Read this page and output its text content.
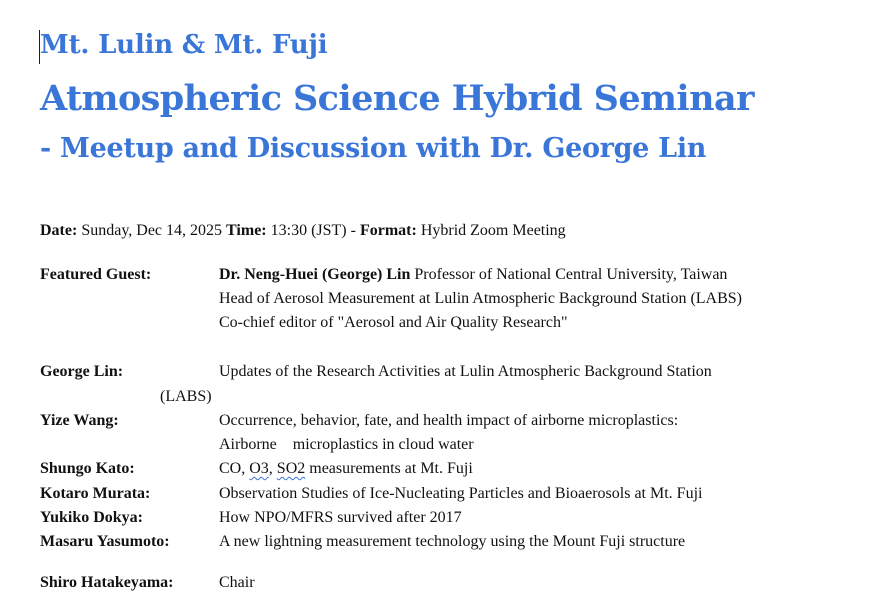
Mt. Lulin & Mt. Fuji
Atmospheric Science Hybrid Seminar
- Meetup and Discussion with Dr. George Lin
Date: Sunday, Dec 14, 2025 Time: 13:30 (JST) - Format: Hybrid Zoom Meeting
Featured Guest:	Dr. Neng-Huei (George) Lin Professor of National Central University, Taiwan
Head of Aerosol Measurement at Lulin Atmospheric Background Station (LABS)
Co-chief editor of "Aerosol and Air Quality Research"
George Lin:	Updates of the Research Activities at Lulin Atmospheric Background Station
(LABS)
Yize Wang:	Occurrence, behavior, fate, and health impact of airborne microplastics:
Airborne    microplastics in cloud water
Shungo Kato:	CO, O3, SO2 measurements at Mt. Fuji
Kotaro Murata:	Observation Studies of Ice-Nucleating Particles and Bioaerosols at Mt. Fuji
Yukiko Dokya:	How NPO/MFRS survived after 2017
Masaru Yasumoto:	A new lightning measurement technology using the Mount Fuji structure
Shiro Hatakeyama:	Chair
